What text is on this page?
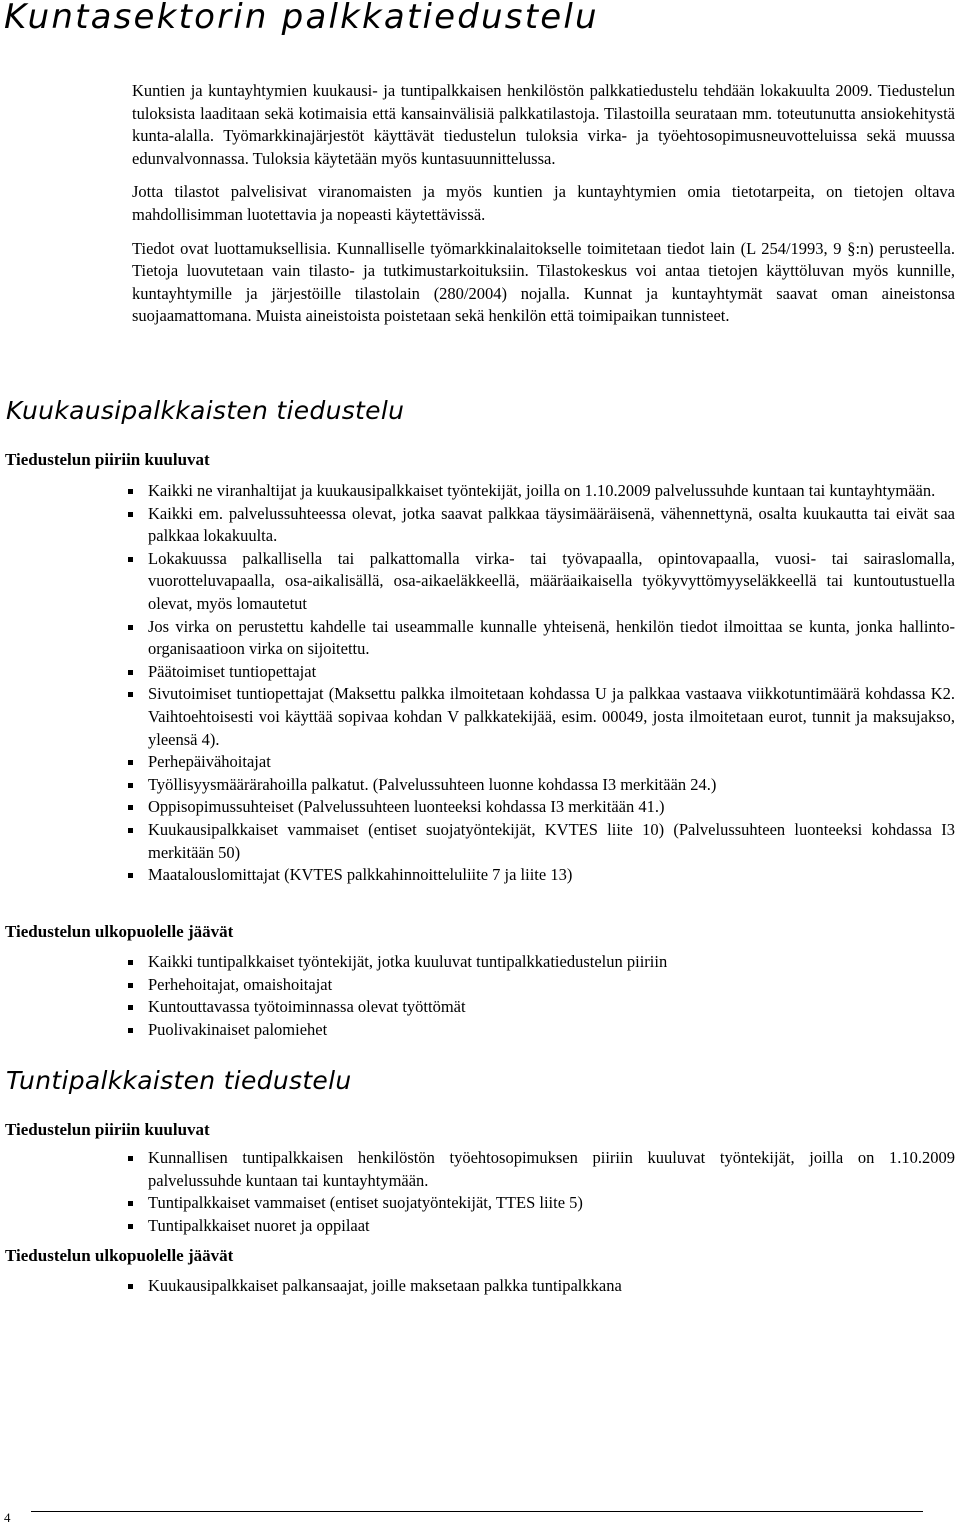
Kuntasektorin palkkatiedustelu

Kuntien ja kuntayhtymien kuukausi- ja tuntipalkkaisen henkilöstön palkkatiedustelu tehdään lokakuulta 2009. Tiedustelun tuloksista laaditaan sekä kotimaisia että kansainvälisiä palkkatilastoja. Tilastoilla seurataan mm. toteutunutta ansiokehitystä kunta-alalla. Työmarkkinajärjestöt käyttävät tiedustelun tuloksia virka- ja työehtosopimusneuvotteluissa sekä muussa edunvalvonnassa. Tuloksia käytetään myös kuntasuunnittelussa.

Jotta tilastot palvelisivat viranomaisten ja myös kuntien ja kuntayhtymien omia tietotarpeita, on tietojen oltava mahdollisimman luotettavia ja nopeasti käytettävissä.

Tiedot ovat luottamuksellisia. Kunnalliselle työmarkkinalaitokselle toimitetaan tiedot lain (L 254/1993, 9 §:n) perusteella. Tietoja luovutetaan vain tilasto- ja tutkimustarkoituksiin. Tilastokeskus voi antaa tietojen käyttöluvan myös kunnille, kuntayhtymille ja järjestöille tilastolain (280/2004) nojalla. Kunnat ja kuntayhtymät saavat oman aineistonsa suojaamattomana. Muista aineistoista poistetaan sekä henkilön että toimipaikan tunnisteet.

Kuukausipalkkaisten tiedustelu
Tiedustelun piiriin kuuluvat
Kaikki ne viranhaltijat ja kuukausipalkkaiset työntekijät, joilla on 1.10.2009 palvelussuhde kuntaan tai kuntayhtymään.
Kaikki em. palvelussuhteessa olevat, jotka saavat palkkaa täysimääräisenä, vähennettynä, osalta kuukautta tai eivät saa palkkaa lokakuulta.
Lokakuussa palkallisella tai palkattomalla virka- tai työvapaalla, opintovapaalla, vuosi- tai sairaslomalla, vuorotteluvapaalla, osa-aikalisällä, osa-aikaeläkkeellä, määräaikaisella työkyvyttömyyseläkkeellä tai kuntoutustuella olevat, myös lomautetut
Jos virka on perustettu kahdelle tai useammalle kunnalle yhteisenä, henkilön tiedot ilmoittaa se kunta, jonka hallinto-organisaatioon virka on sijoitettu.
Päätoimiset tuntiopettajat
Sivutoimiset tuntiopettajat (Maksettu palkka ilmoitetaan kohdassa U ja palkkaa vastaava viikkotuntimäärä kohdassa K2. Vaihtoehtoisesti voi käyttää sopivaa kohdan V palkkatekijää, esim. 00049, josta ilmoitetaan eurot, tunnit ja maksujakso, yleensä 4).
Perhepäivähoitajat
Työllisyysmäärärahoilla palkatut. (Palvelussuhteen luonne kohdassa I3 merkitään 24.)
Oppisopimussuhteiset (Palvelussuhteen luonteeksi kohdassa I3 merkitään 41.)
Kuukausipalkkaiset vammaiset (entiset suojatyöntekijät, KVTES liite 10) (Palvelussuhteen luonteeksi kohdassa I3 merkitään 50)
Maatalouslomittajat (KVTES palkkahinnoitteluliite 7 ja liite 13)
Tiedustelun ulkopuolelle jäävät
Kaikki tuntipalkkaiset työntekijät, jotka kuuluvat tuntipalkkatiedustelun piiriin
Perhehoitajat, omaishoitajat
Kuntouttavassa työtoiminnassa olevat työttömät
Puolivakinaiset palomiehet
Tuntipalkkaisten tiedustelu
Tiedustelun piiriin kuuluvat
Kunnallisen tuntipalkkaisen henkilöstön työehtosopimuksen piiriin kuuluvat työntekijät, joilla on 1.10.2009 palvelussuhde kuntaan tai kuntayhtymään.
Tuntipalkkaiset vammaiset (entiset suojatyöntekijät, TTES liite 5)
Tuntipalkkaiset nuoret ja oppilaat
Tiedustelun ulkopuolelle jäävät
Kuukausipalkkaiset palkansaajat, joille maksetaan palkka tuntipalkkana
4
